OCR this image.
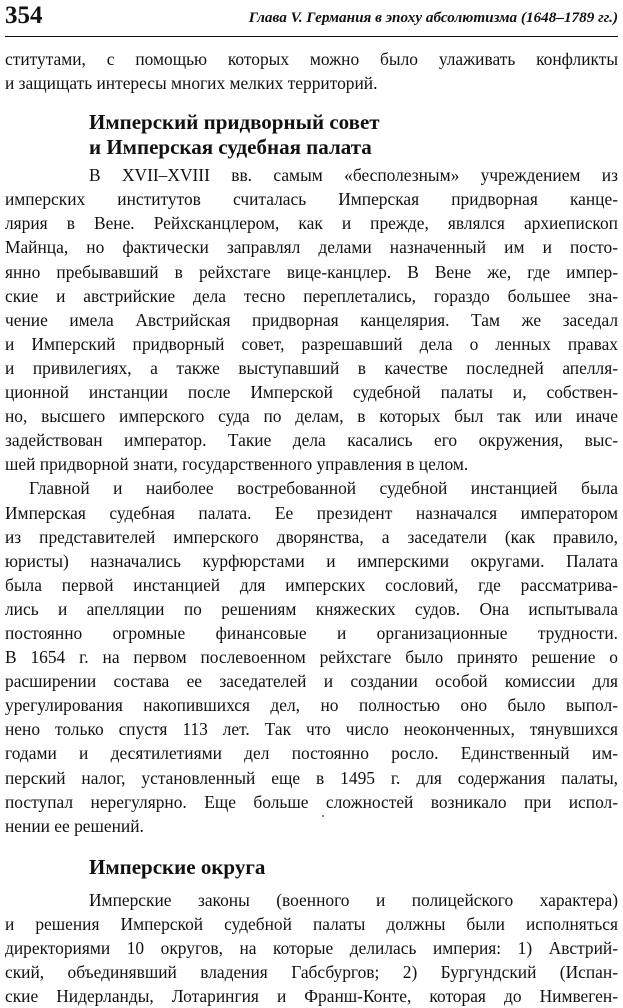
354	Глава V. Германия в эпоху абсолютизма (1648–1789 гг.)
ститутами, с помощью которых можно было улаживать конфликты
и защищать интересы многих мелких территорий.
Имперский придворный совет
и Имперская судебная палата
В XVII–XVIII вв. самым «бесполезным» учреждением из
имперских институтов считалась Имперская придворная канце-
лярия в Вене. Рейхсканцлером, как и прежде, являлся архиепископ
Майнца, но фактически заправлял делами назначенный им и посто-
янно пребывавший в рейхстаге вице-канцлер. В Вене же, где импер-
ские и австрийские дела тесно переплетались, гораздо большее зна-
чение имела Австрийская придворная канцелярия. Там же заседал
и Имперский придворный совет, разрешавший дела о ленных правах
и привилегиях, а также выступавший в качестве последней апелля-
ционной инстанции после Имперской судебной палаты и, собствен-
но, высшего имперского суда по делам, в которых был так или иначе
задействован император. Такие дела касались его окружения, выс-
шей придворной знати, государственного управления в целом.
Главной и наиболее востребованной судебной инстанцией была
Имперская судебная палата. Ее президент назначался императором
из представителей имперского дворянства, а заседатели (как правило,
юристы) назначались курфюрстами и имперскими округами. Палата
была первой инстанцией для имперских сословий, где рассматрива-
лись и апелляции по решениям княжеских судов. Она испытывала
постоянно огромные финансовые и организационные трудности.
В 1654 г. на первом послевоенном рейхстаге было принято решение о
расширении состава ее заседателей и создании особой комиссии для
урегулирования накопившихся дел, но полностью оно было выпол-
нено только спустя 113 лет. Так что число неоконченных, тянувшихся
годами и десятилетиями дел постоянно росло. Единственный им-
перский налог, установленный еще в 1495 г. для содержания палаты,
поступал нерегулярно. Еще больше сложностей возникало при испол-
нении ее решений.
Имперские округа
Имперские законы (военного и полицейского характера)
и решения Имперской судебной палаты должны были исполняться
директориями 10 округов, на которые делилась империя: 1) Австрий-
ский, объединявший владения Габсбургов; 2) Бургундский (Испан-
ские Нидерланды, Лотарингия и Франш-Конте, которая до Нимвеген-
